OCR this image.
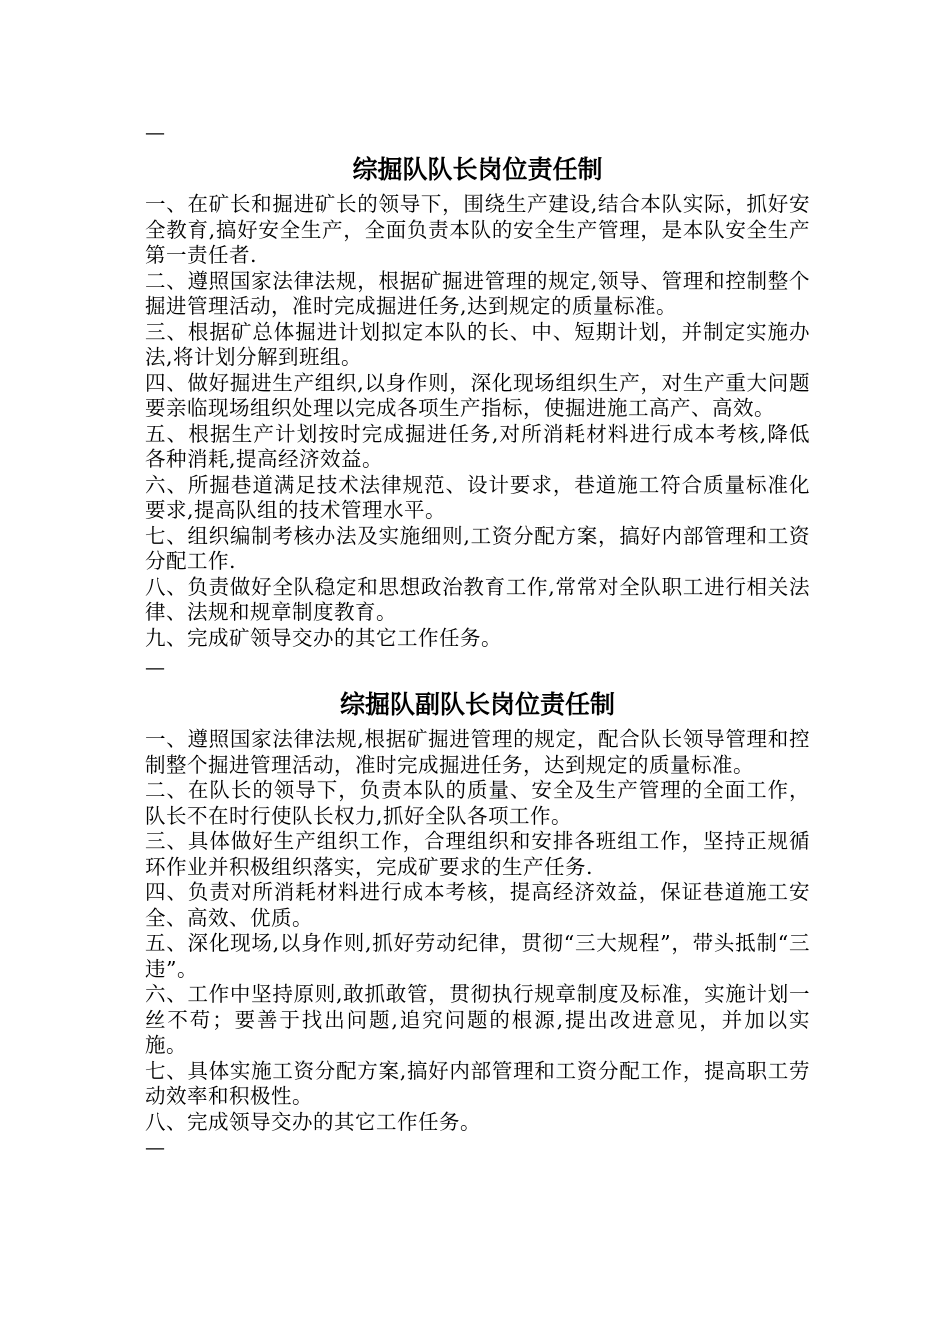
—

综掘队队长岗位责任制

一、在矿长和掘进矿长的领导下，围绕生产建设,结合本队实际，抓好安全教育,搞好安全生产，全面负责本队的安全生产管理，是本队安全生产第一责任者.

二、遵照国家法律法规，根据矿掘进管理的规定,领导、管理和控制整个掘进管理活动，准时完成掘进任务,达到规定的质量标准。

三、根据矿总体掘进计划拟定本队的长、中、短期计划，并制定实施办法,将计划分解到班组。

四、做好掘进生产组织,以身作则，深化现场组织生产，对生产重大问题要亲临现场组织处理以完成各项生产指标，使掘进施工高产、高效。

五、根据生产计划按时完成掘进任务,对所消耗材料进行成本考核,降低各种消耗,提高经济效益。

六、所掘巷道满足技术法律规范、设计要求，巷道施工符合质量标准化要求,提高队组的技术管理水平。

七、组织编制考核办法及实施细则,工资分配方案，搞好内部管理和工资分配工作.

八、负责做好全队稳定和思想政治教育工作,常常对全队职工进行相关法律、法规和规章制度教育。

九、完成矿领导交办的其它工作任务。

—

综掘队副队长岗位责任制

一、遵照国家法律法规,根据矿掘进管理的规定，配合队长领导管理和控制整个掘进管理活动，准时完成掘进任务，达到规定的质量标准。

二、在队长的领导下，负责本队的质量、安全及生产管理的全面工作，队长不在时行使队长权力,抓好全队各项工作。

三、具体做好生产组织工作，合理组织和安排各班组工作，坚持正规循环作业并积极组织落实，完成矿要求的生产任务.

四、负责对所消耗材料进行成本考核，提高经济效益，保证巷道施工安全、高效、优质。

五、深化现场,以身作则,抓好劳动纪律，贯彻“三大规程”，带头抵制“三违”。

六、工作中坚持原则,敢抓敢管，贯彻执行规章制度及标准，实施计划一丝不苟；要善于找出问题,追究问题的根源,提出改进意见，并加以实施。

七、具体实施工资分配方案,搞好内部管理和工资分配工作，提高职工劳动效率和积极性。

八、完成领导交办的其它工作任务。

—
